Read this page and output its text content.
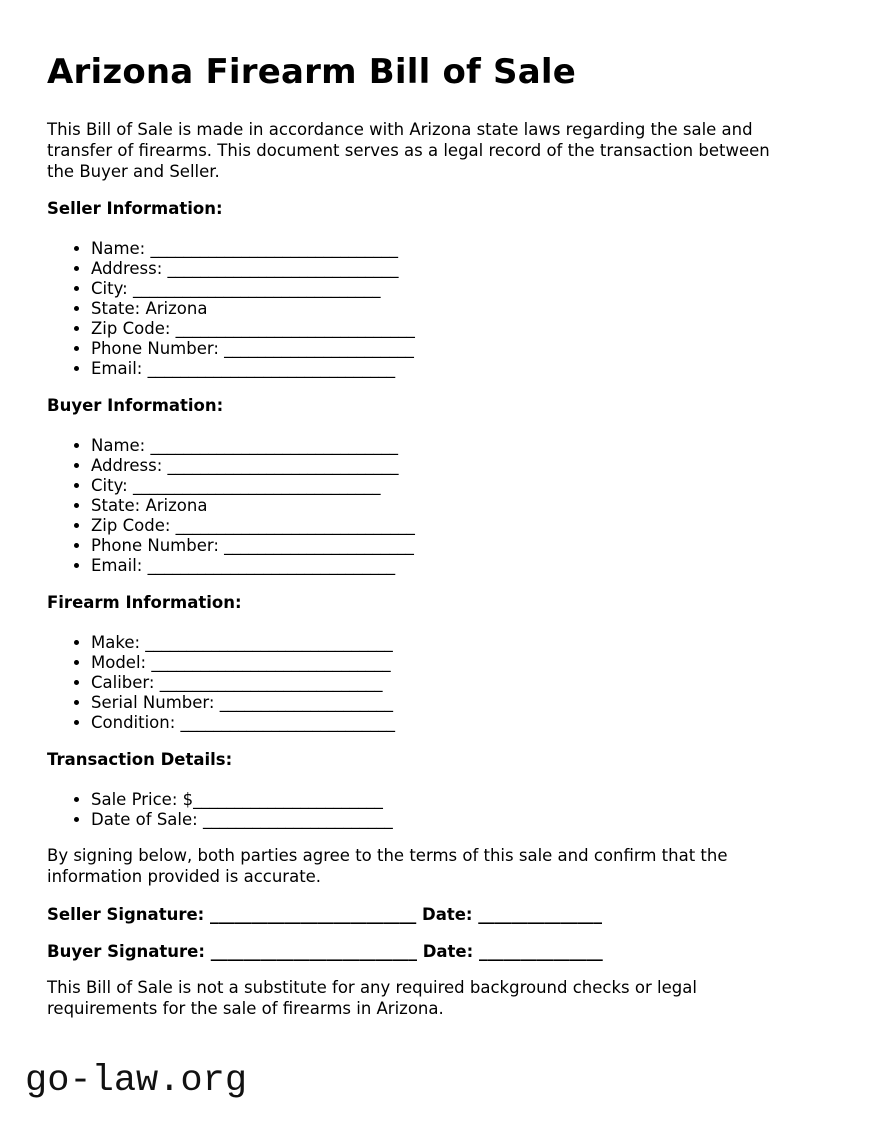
Arizona Firearm Bill of Sale

This Bill of Sale is made in accordance with Arizona state laws regarding the sale and
transfer of firearms. This document serves as a legal record of the transaction between
the Buyer and Seller.

Seller Information:
• Name: ______________________________
• Address: ____________________________
• City: ______________________________
• State: Arizona
• Zip Code: _____________________________
• Phone Number: _______________________
• Email: ______________________________
Buyer Information:
• Name: ______________________________
• Address: ____________________________
• City: ______________________________
• State: Arizona
• Zip Code: _____________________________
• Phone Number: _______________________
• Email: ______________________________
Firearm Information:
• Make: ______________________________
• Model: _____________________________
• Caliber: ___________________________
• Serial Number: _____________________
• Condition: __________________________
Transaction Details:
• Sale Price: $_______________________
• Date of Sale: _______________________

By signing below, both parties agree to the terms of this sale and confirm that the
information provided is accurate.

Seller Signature: _________________________ Date: _______________

Buyer Signature: _________________________ Date: _______________

This Bill of Sale is not a substitute for any required background checks or legal
requirements for the sale of firearms in Arizona.

go-law.org
